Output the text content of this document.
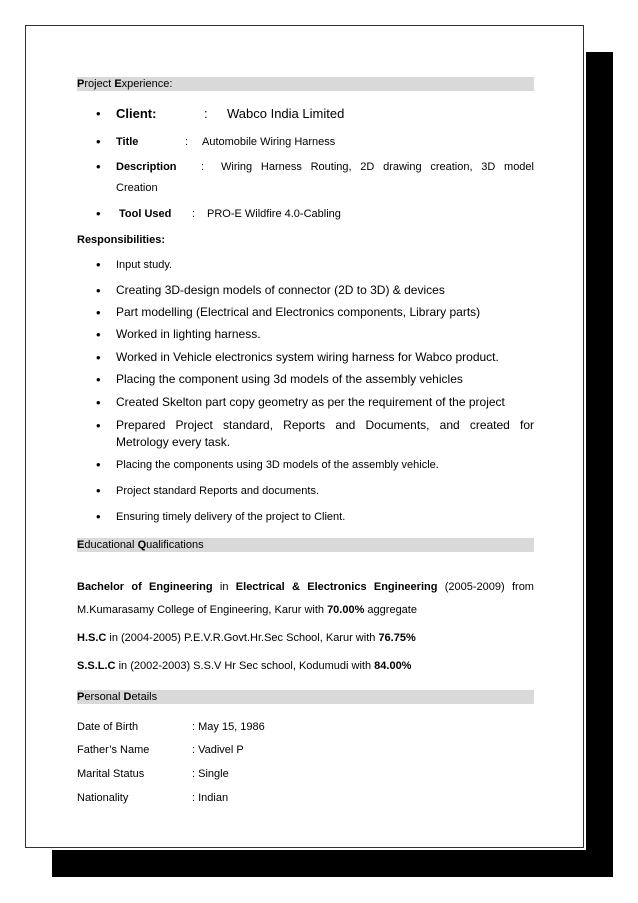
Project Experience:
• Client:	: Wabco India Limited
• Title	: Automobile Wiring Harness
• Description : Wiring Harness Routing, 2D drawing creation, 3D model
Creation
• Tool Used : PRO-E Wildfire 4.0-Cabling
Responsibilities:
• Input study.
• Creating 3D-design models of connector (2D to 3D) & devices
• Part modelling (Electrical and Electronics components, Library parts)
• Worked in lighting harness.
• Worked in Vehicle electronics system wiring harness for Wabco product.
• Placing the component using 3d models of the assembly vehicles
• Created Skelton part copy geometry as per the requirement of the project
• Prepared Project standard, Reports and Documents, and created for
Metrology every task.
• Placing the components using 3D models of the assembly vehicle.
• Project standard Reports and documents.
• Ensuring timely delivery of the project to Client.
Educational Qualifications
Bachelor of Engineering in Electrical & Electronics Engineering (2005-2009) from
M.Kumarasamy College of Engineering, Karur with 70.00% aggregate
H.S.C in (2004-2005) P.E.V.R.Govt.Hr.Sec School, Karur with 76.75%
S.S.L.C in (2002-2003) S.S.V Hr Sec school, Kodumudi with 84.00%
Personal Details
Date of Birth	: May 15, 1986
Father’s Name	: Vadivel P
Marital Status	: Single
Nationality	: Indian
